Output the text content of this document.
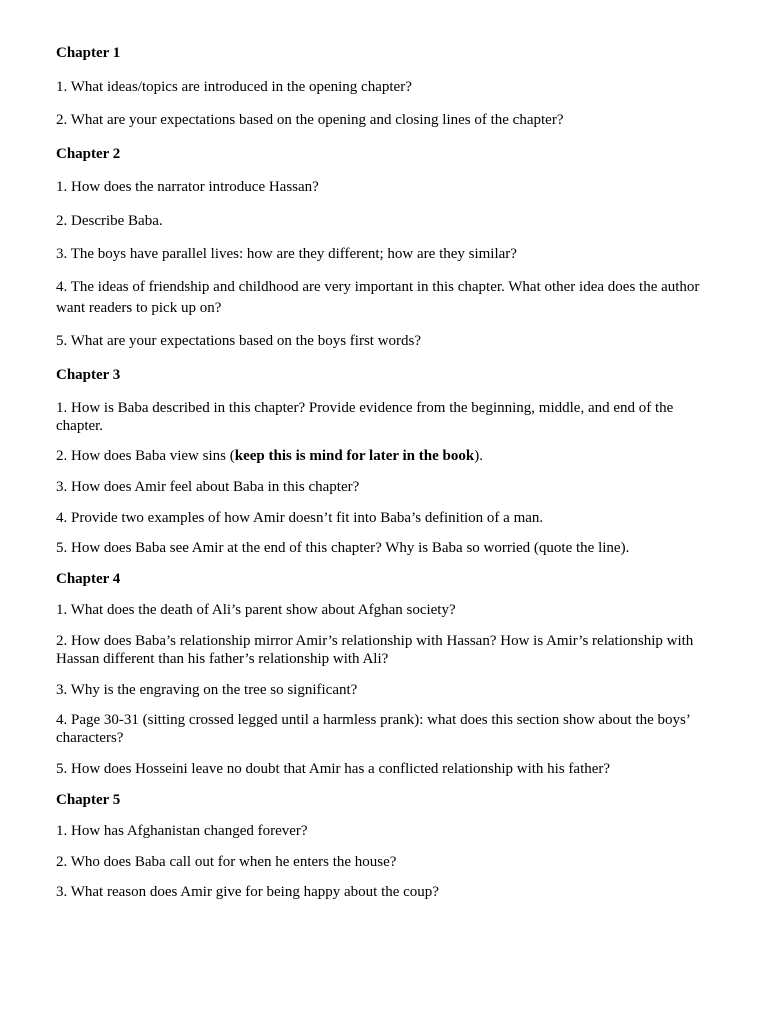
Chapter 1

1. What ideas/topics are introduced in the opening chapter?

2. What are your expectations based on the opening and closing lines of the chapter?

Chapter 2

1. How does the narrator introduce Hassan?

2. Describe Baba.

3. The boys have parallel lives: how are they different; how are they similar?

4. The ideas of friendship and childhood are very important in this chapter. What other idea does the author want readers to pick up on?

5. What are your expectations based on the boys first words?

Chapter 3

1. How is Baba described in this chapter? Provide evidence from the beginning, middle, and end of the chapter.

2. How does Baba view sins (keep this is mind for later in the book).

3. How does Amir feel about Baba in this chapter?

4. Provide two examples of how Amir doesn’t fit into Baba’s definition of a man.

5. How does Baba see Amir at the end of this chapter? Why is Baba so worried (quote the line).

Chapter 4

1. What does the death of Ali’s parent show about Afghan society?

2. How does Baba’s relationship mirror Amir’s relationship with Hassan? How is Amir’s relationship with Hassan different than his father’s relationship with Ali?

3. Why is the engraving on the tree so significant?

4. Page 30-31 (sitting crossed legged until a harmless prank): what does this section show about the boys’ characters?

5. How does Hosseini leave no doubt that Amir has a conflicted relationship with his father?

Chapter 5

1. How has Afghanistan changed forever?

2. Who does Baba call out for when he enters the house?

3. What reason does Amir give for being happy about the coup?
